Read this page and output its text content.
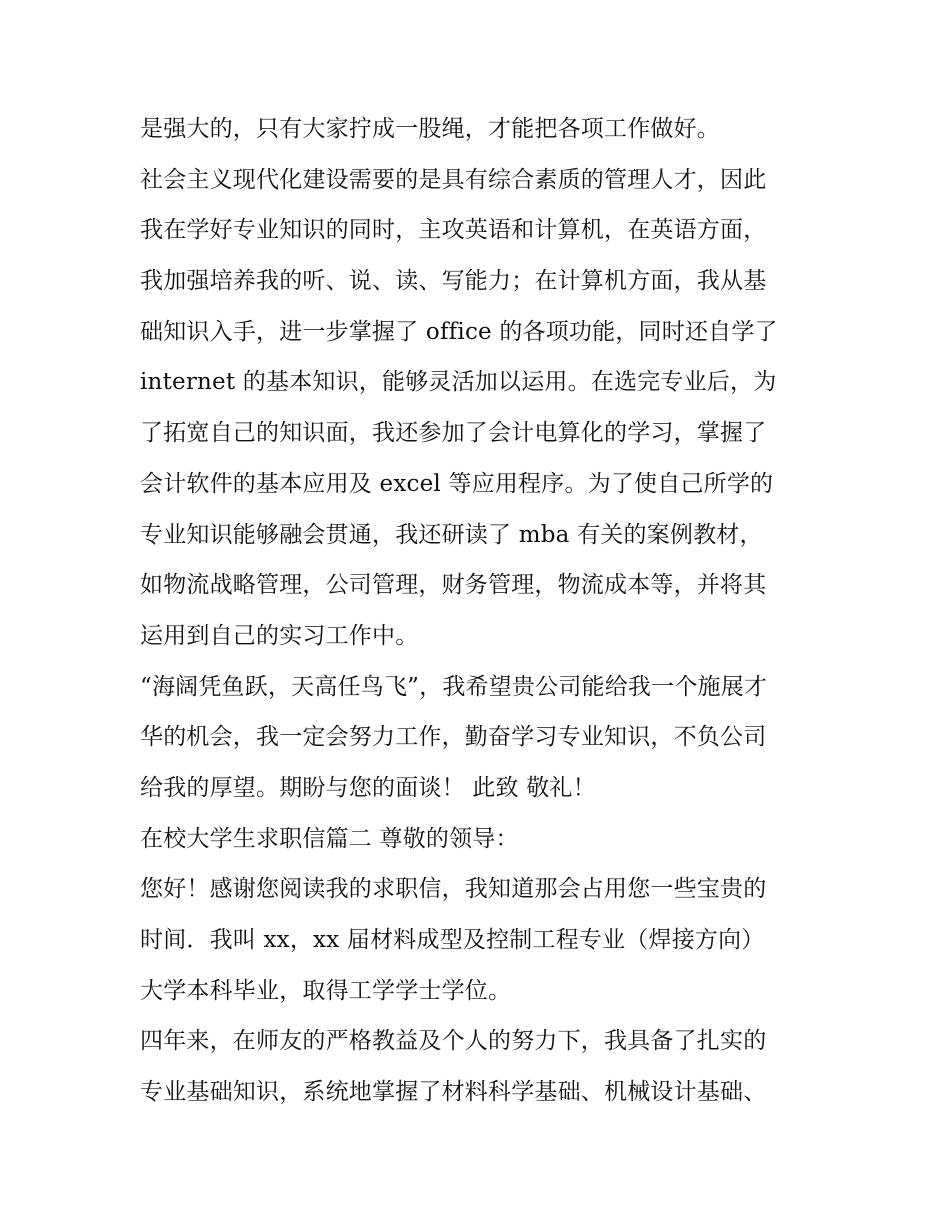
是强大的，只有大家拧成一股绳，才能把各项工作做好。
社会主义现代化建设需要的是具有综合素质的管理人才，因此
我在学好专业知识的同时，主攻英语和计算机，在英语方面，
我加强培养我的听、说、读、写能力；在计算机方面，我从基
础知识入手，进一步掌握了 office 的各项功能，同时还自学了
internet 的基本知识，能够灵活加以运用。在选完专业后，为
了拓宽自己的知识面，我还参加了会计电算化的学习，掌握了
会计软件的基本应用及 excel 等应用程序。为了使自己所学的
专业知识能够融会贯通，我还研读了 mba 有关的案例教材，
如物流战略管理，公司管理，财务管理，物流成本等，并将其
运用到自己的实习工作中。
“海阔凭鱼跃，天高任鸟飞”，我希望贵公司能给我一个施展才
华的机会，我一定会努力工作，勤奋学习专业知识，不负公司
给我的厚望。期盼与您的面谈！ 此致 敬礼！
在校大学生求职信篇二 尊敬的领导：
您好！感谢您阅读我的求职信，我知道那会占用您一些宝贵的
时间．我叫 xx，xx 届材料成型及控制工程专业（焊接方向）
大学本科毕业，取得工学学士学位。
四年来，在师友的严格教益及个人的努力下，我具备了扎实的
专业基础知识，系统地掌握了材料科学基础、机械设计基础、
